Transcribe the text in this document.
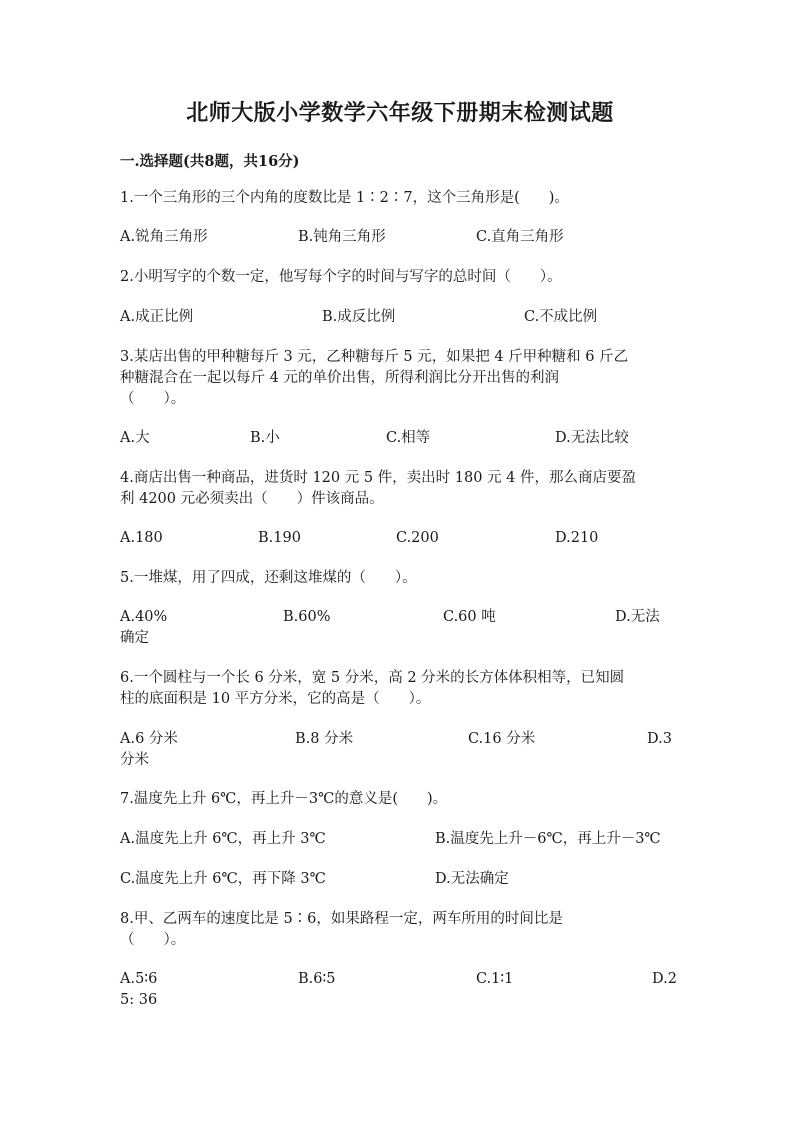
北师大版小学数学六年级下册期末检测试题
一.选择题(共8题，共16分)
1.一个三角形的三个内角的度数比是 1∶2∶7，这个三角形是(　　)。
A.锐角三角形	B.钝角三角形	C.直角三角形
2.小明写字的个数一定，他写每个字的时间与写字的总时间（　　）。
A.成正比例	B.成反比例	C.不成比例
3.某店出售的甲种糖每斤 3 元，乙种糖每斤 5 元，如果把 4 斤甲种糖和 6 斤乙
种糖混合在一起以每斤 4 元的单价出售，所得利润比分开出售的利润
（　　）。
A.大	B.小	C.相等	D.无法比较
4.商店出售一种商品，进货时 120 元 5 件，卖出时 180 元 4 件，那么商店要盈
利 4200 元必须卖出（　　）件该商品。
A.180	B.190	C.200	D.210
5.一堆煤，用了四成，还剩这堆煤的（　　）。
A.40%	B.60%	C.60 吨	D.无法
确定
6.一个圆柱与一个长 6 分米，宽 5 分米，高 2 分米的长方体体积相等，已知圆
柱的底面积是 10 平方分米，它的高是（　　）。
A.6 分米	B.8 分米	C.16 分米	D.3
分米
7.温度先上升 6℃，再上升－3℃的意义是(　　)。
A.温度先上升 6℃，再上升 3℃	B.温度先上升－6℃，再上升－3℃
C.温度先上升 6℃，再下降 3℃	D.无法确定
8.甲、乙两车的速度比是 5∶6，如果路程一定，两车所用的时间比是
（　　）。
A.5∶6	B.6∶5	C.1∶1	D.2
5: 36
